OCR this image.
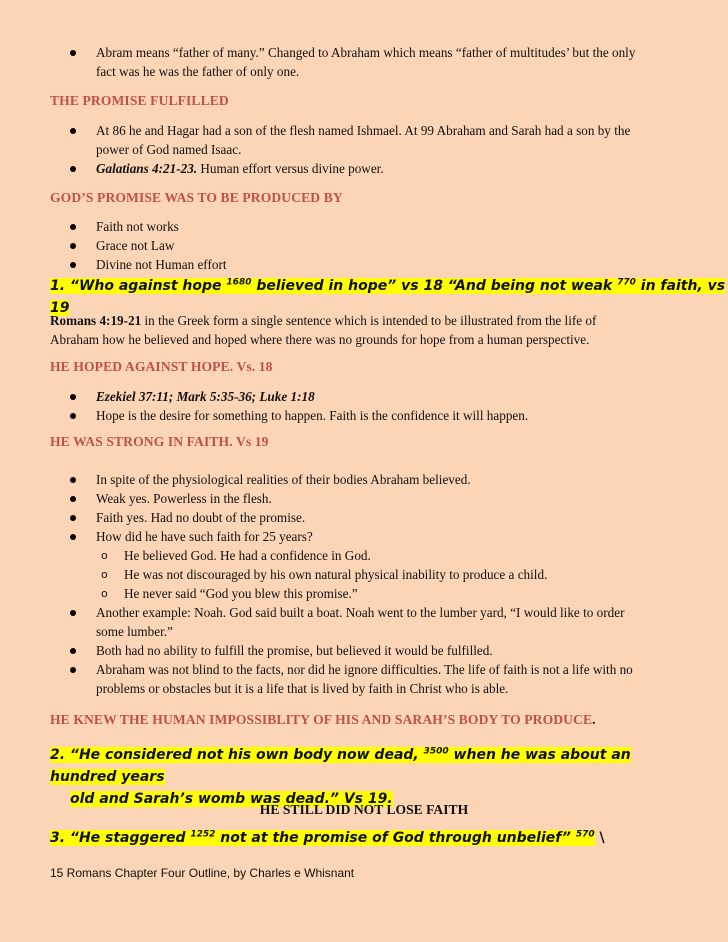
Abram means “father of many.” Changed to Abraham which means “father of multitudes’ but the only
fact was he was the father of only one.
THE PROMISE FULFILLED
At 86 he and Hagar had a son of the flesh named Ishmael. At 99 Abraham and Sarah had a son by the
power of God named Isaac.
Galatians 4:21-23. Human effort versus divine power.
GOD’S PROMISE WAS TO BE PRODUCED BY
Faith not works
Grace not Law
Divine not Human effort
1. “Who against hope $^{1680}$ believed in hope” vs 18 “And being not weak $^{770}$ in faith, vs 19
Romans 4:19-21 in the Greek form a single sentence which is intended to be illustrated from the life of
Abraham how he believed and hoped where there was no grounds for hope from a human perspective.
HE HOPED AGAINST HOPE. Vs. 18
Ezekiel 37:11; Mark 5:35-36; Luke 1:18
Hope is the desire for something to happen. Faith is the confidence it will happen.
HE WAS STRONG IN FAITH. Vs 19
In spite of the physiological realities of their bodies Abraham believed.
Weak yes. Powerless in the flesh.
Faith yes. Had no doubt of the promise.
How did he have such faith for 25 years?
o He believed God. He had a confidence in God.
o He was not discouraged by his own natural physical inability to produce a child.
o He never said “God you blew this promise.”
Another example: Noah. God said built a boat. Noah went to the lumber yard, “I would like to order
some lumber.”
Both had no ability to fulfill the promise, but believed it would be fulfilled.
Abraham was not blind to the facts, nor did he ignore difficulties. The life of faith is not a life with no
problems or obstacles but it is a life that is lived by faith in Christ who is able.
HE KNEW THE HUMAN IMPOSSIBLITY OF HIS AND SARAH’S BODY TO PRODUCE.
2. “He considered not his own body now dead, $^{3500}$ when he was about an hundred years
old and Sarah’s womb was dead.” Vs 19.
HE STILL DID NOT LOSE FAITH
3. “He staggered $^{1252}$ not at the promise of God through unbelief” $^{570}$ \
15 Romans Chapter Four Outline, by Charles e Whisnant
